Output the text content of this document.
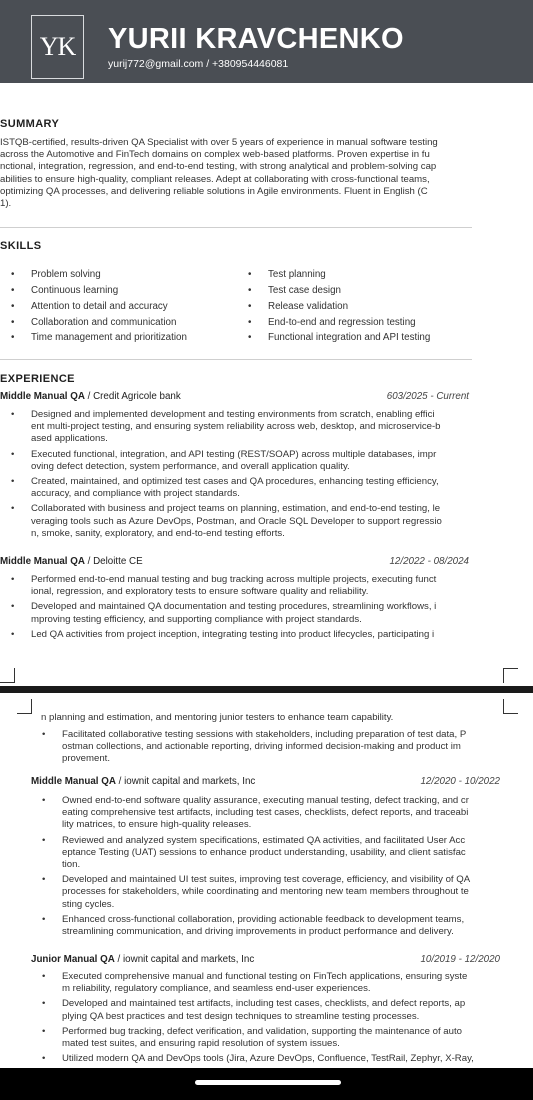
YK	YURII KRAVCHENKO
yurij772@gmail.com / +380954446081
SUMMARY
ISTQB-certified, results-driven QA Specialist with over 5 years of experience in manual software testing
across the Automotive and FinTech domains on complex web-based platforms. Proven expertise in fu
nctional, integration, regression, and end-to-end testing, with strong analytical and problem-solving cap
abilities to ensure high-quality, compliant releases. Adept at collaborating with cross-functional teams,
optimizing QA processes, and delivering reliable solutions in Agile environments. Fluent in English (C
1).
SKILLS
• Problem solving
• Continuous learning
• Attention to detail and accuracy
• Collaboration and communication
• Time management and prioritization
• Test planning
• Test case design
• Release validation
• End-to-end and regression testing
• Functional integration and API testing
EXPERIENCE
Middle Manual QA / Credit Agricole bank	603/2025 - Current
• Designed and implemented development and testing environments from scratch, enabling effici
ent multi-project testing, and ensuring system reliability across web, desktop, and microservice-b
ased applications.
• Executed functional, integration, and API testing (REST/SOAP) across multiple databases, impr
oving defect detection, system performance, and overall application quality.
• Created, maintained, and optimized test cases and QA procedures, enhancing testing efficiency,
accuracy, and compliance with project standards.
• Collaborated with business and project teams on planning, estimation, and end-to-end testing, le
veraging tools such as Azure DevOps, Postman, and Oracle SQL Developer to support regressio
n, smoke, sanity, exploratory, and end-to-end testing efforts.
Middle Manual QA / Deloitte CE	12/2022 - 08/2024
• Performed end-to-end manual testing and bug tracking across multiple projects, executing funct
ional, regression, and exploratory tests to ensure software quality and reliability.
• Developed and maintained QA documentation and testing procedures, streamlining workflows, i
mproving testing efficiency, and supporting compliance with project standards.
• Led QA activities from project inception, integrating testing into product lifecycles, participating i
n planning and estimation, and mentoring junior testers to enhance team capability.
• Facilitated collaborative testing sessions with stakeholders, including preparation of test data, P
ostman collections, and actionable reporting, driving informed decision-making and product im
provement.
Middle Manual QA / iownit capital and markets, Inc	12/2020 - 10/2022
• Owned end-to-end software quality assurance, executing manual testing, defect tracking, and cr
eating comprehensive test artifacts, including test cases, checklists, defect reports, and traceabi
lity matrices, to ensure high-quality releases.
• Reviewed and analyzed system specifications, estimated QA activities, and facilitated User Acc
eptance Testing (UAT) sessions to enhance product understanding, usability, and client satisfac
tion.
• Developed and maintained UI test suites, improving test coverage, efficiency, and visibility of QA
processes for stakeholders, while coordinating and mentoring new team members throughout te
sting cycles.
• Enhanced cross-functional collaboration, providing actionable feedback to development teams,
streamlining communication, and driving improvements in product performance and delivery.
Junior Manual QA / iownit capital and markets, Inc	10/2019 - 12/2020
• Executed comprehensive manual and functional testing on FinTech applications, ensuring syste
m reliability, regulatory compliance, and seamless end-user experiences.
• Developed and maintained test artifacts, including test cases, checklists, and defect reports, ap
plying QA best practices and test design techniques to streamline testing processes.
• Performed bug tracking, defect verification, and validation, supporting the maintenance of auto
mated test suites, and ensuring rapid resolution of system issues.
• Utilized modern QA and DevOps tools (Jira, Azure DevOps, Confluence, TestRail, Zephyr, X-Ray,
